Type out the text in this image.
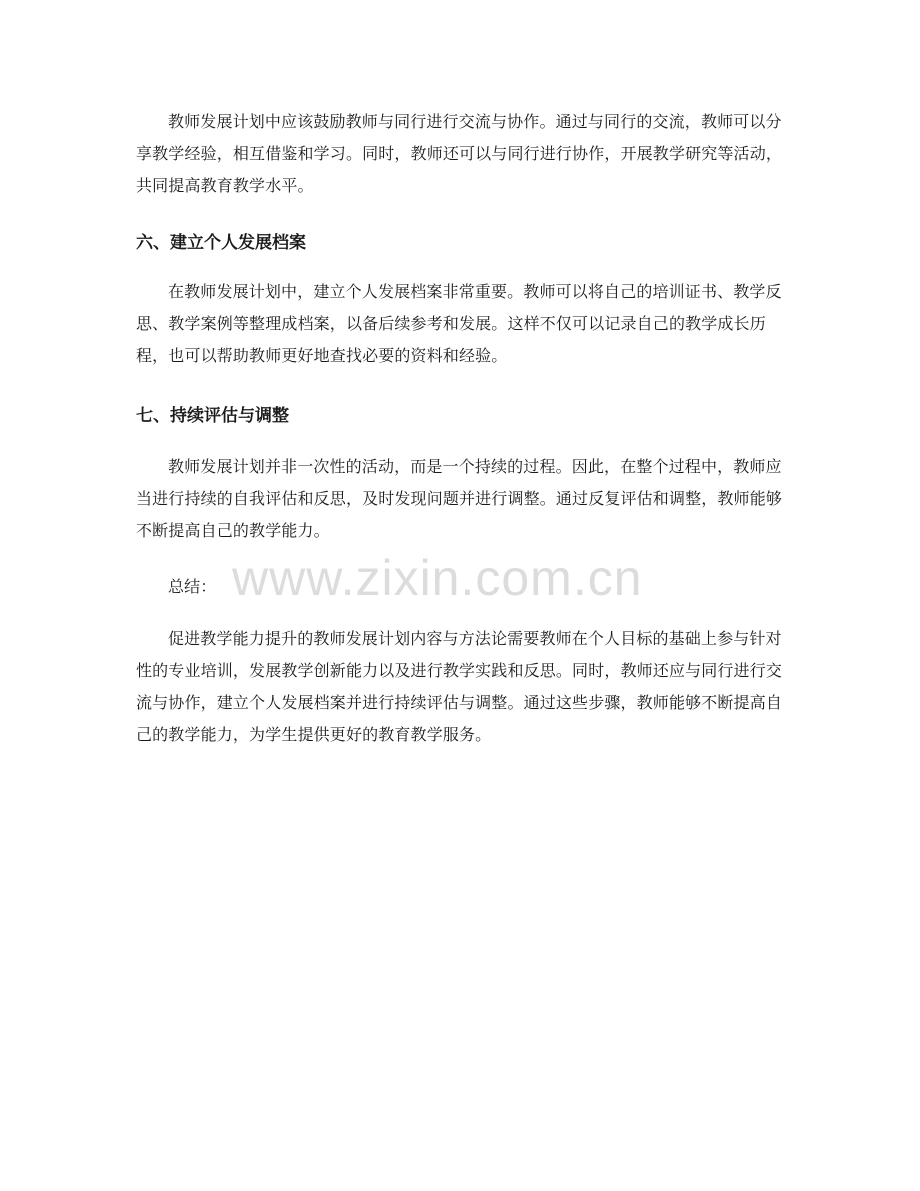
教师发展计划中应该鼓励教师与同行进行交流与协作。通过与同行的交流，教师可以分享教学经验，相互借鉴和学习。同时，教师还可以与同行进行协作，开展教学研究等活动，共同提高教育教学水平。

六、建立个人发展档案

在教师发展计划中，建立个人发展档案非常重要。教师可以将自己的培训证书、教学反思、教学案例等整理成档案，以备后续参考和发展。这样不仅可以记录自己的教学成长历程，也可以帮助教师更好地查找必要的资料和经验。

七、持续评估与调整

教师发展计划并非一次性的活动，而是一个持续的过程。因此，在整个过程中，教师应当进行持续的自我评估和反思，及时发现问题并进行调整。通过反复评估和调整，教师能够不断提高自己的教学能力。

总结：

促进教学能力提升的教师发展计划内容与方法论需要教师在个人目标的基础上参与针对性的专业培训，发展教学创新能力以及进行教学实践和反思。同时，教师还应与同行进行交流与协作，建立个人发展档案并进行持续评估与调整。通过这些步骤，教师能够不断提高自己的教学能力，为学生提供更好的教育教学服务。

www.zixin.com.cn
